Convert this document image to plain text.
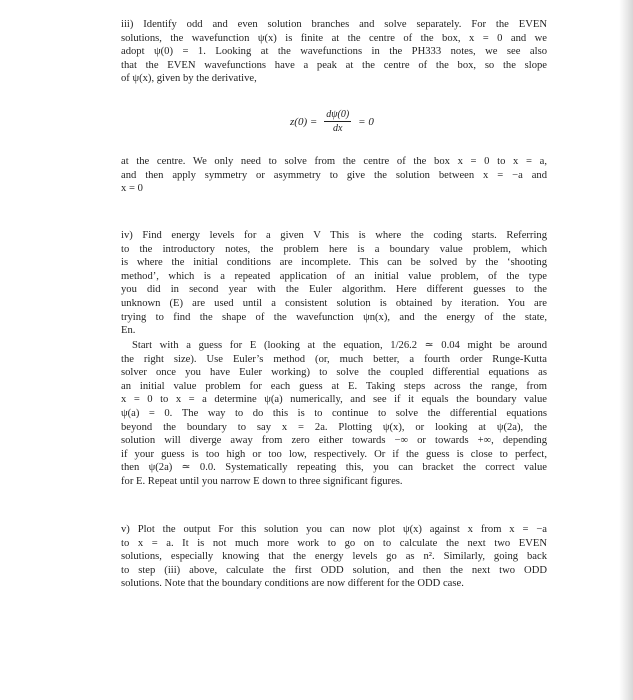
iii) Identify odd and even solution branches and solve separately. For the EVEN
solutions, the wavefunction ψ(x) is finite at the centre of the box, x = 0 and we
adopt ψ(0) = 1. Looking at the wavefunctions in the PH333 notes, we see also
that the EVEN wavefunctions have a peak at the centre of the box, so the slope
of ψ(x), given by the derivative,

$z(0) = \frac{d\psi(0)}{dx} = 0$

at the centre. We only need to solve from the centre of the box x = 0 to x = a,
and then apply symmetry or asymmetry to give the solution between x = −a and
x = 0

iv) Find energy levels for a given V This is where the coding starts. Referring
to the introductory notes, the problem here is a boundary value problem, which
is where the initial conditions are incomplete. This can be solved by the ‘shooting
method’, which is a repeated application of an initial value problem, of the type
you did in second year with the Euler algorithm. Here different guesses to the
unknown (E) are used until a consistent solution is obtained by iteration. You are
trying to find the shape of the wavefunction ψn(x), and the energy of the state,
En.

Start with a guess for E (looking at the equation, 1/26.2 ≃ 0.04 might be around
the right size). Use Euler’s method (or, much better, a fourth order Runge-Kutta
solver once you have Euler working) to solve the coupled differential equations as
an initial value problem for each guess at E. Taking steps across the range, from
x = 0 to x = a determine ψ(a) numerically, and see if it equals the boundary value
ψ(a) = 0. The way to do this is to continue to solve the differential equations
beyond the boundary to say x = 2a. Plotting ψ(x), or looking at ψ(2a), the
solution will diverge away from zero either towards −∞ or towards +∞, depending
if your guess is too high or too low, respectively. Or if the guess is close to perfect,
then ψ(2a) ≃ 0.0. Systematically repeating this, you can bracket the correct value
for E. Repeat until you narrow E down to three significant figures.

v) Plot the output For this solution you can now plot ψ(x) against x from x = −a
to x = a. It is not much more work to go on to calculate the next two EVEN
solutions, especially knowing that the energy levels go as n². Similarly, going back
to step (iii) above, calculate the first ODD solution, and then the next two ODD
solutions. Note that the boundary conditions are now different for the ODD case.
